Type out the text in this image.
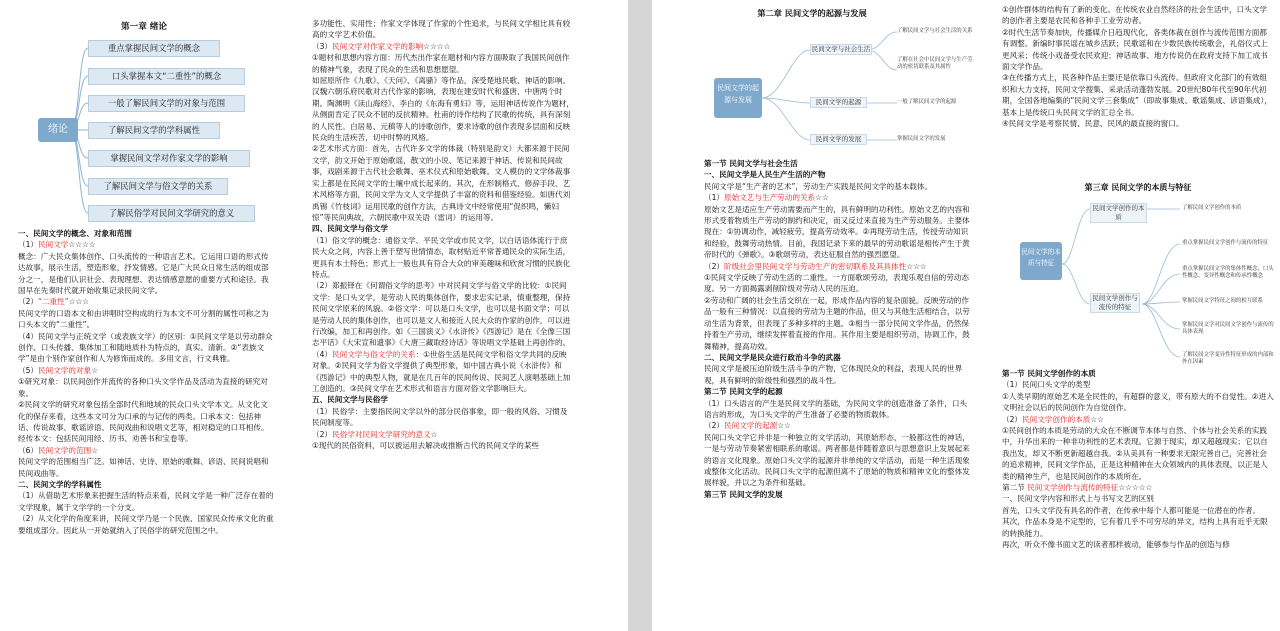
第一章 绪论
绪论
重点掌握民间文学的概念
口头掌握本文“二重性”的概念
一般了解民间文学的对象与范围
了解民间文学的学科属性
掌握民间文学对作家文学的影响
了解民间文学与俗文学的关系
了解民俗学对民间文学研究的意义

一、民间文学的概念、对象和范围

（1）民间文学☆☆☆☆

概念：广大民众集体创作、口头流传的一种语言艺术。它运用口语的形式传达故事，展示生活，塑造形象，抒发情感。它是广大民众日常生活的组成部分之一，是他们认识社会、表现理想、表达情感意愿的重要方式和途径。我国早在先秦时代就开始收集记录民间文学。

（2）“二重性”☆☆☆

民间文学的口语本文和由讲唱时空构成的行为本文不可分割的属性可称之为口头本文的“二重性”。

（4）民间文学与正统文学（或表族文学）的区别：①民间文学是以劳动群众创作、口头传播、集体加工和随地质朴为特点的，真实、清新。②“表族文学”是由个别作家创作和人为修饰而成的。多用文言，行文典雅。

（5）民间文学的对象☆

①研究对象：以民间创作并流传的各种口头文学作品及活动为直接的研究对象。

②民间文学的研究对象包括全部时代和地域的民众口头文学本文。从文化文化的保存来看，这些本文可分为口承的与记传的两类。口承本文：包括神话、传说故事、歌谣谚语、民间戏曲和说唱文艺等，相对稳定的口耳相传。经传本文：包括民间用经、历书、劝善书和宝卷等。

（6）民间文学的范围☆

民间文学的范围相当广泛。如神话、史诗、原始的歌舞、谚语、民间说唱和民间戏曲等。

二、民间文学的学科属性

（1）从借助艺术形象来把握生活的特点来看，民间文学是一种广泛存在着的文学现象，属于文学学的一个分支。

（2）从文化学的角度来讲，民间文学乃是一个民族、国家民众传承文化的重要组成部分。因此从一开始就纳入了民俗学的研究范围之中。

多功能性、实用性；作家文学体现了作家的个性追求，与民间文学相比具有较高的文学艺术价值。

（3）民间文学对作家文学的影响☆☆☆☆

①题材和思想内容方面：历代杰出作家在题材和内容方面吸取了我国民间创作的精神气象，表现了民众的生活和思想愿望。

如屈原所作《九歌》、《天问》、《离骚》等作品，深受楚地民歌、神话的影响。汉魏六朝乐府民歌对古代作家的影响，表现在建安时代和盛唐、中唐两个时期。陶渊明《读山海经》、李白的《东海有勇妇》等，运用神话传说作为题材，从侧面肯定了民众不屈的反抗精神。杜甫的诗作结构了民歌的传统，具有深刻的人民性。白居易、元稹等人的诗歌创作，要求诗歌的创作表现多层面和反映民众的生活疾苦，切中时弊的风格。

②艺术形式方面：首先，古代许多文学的体裁（特别是韵文）大都来源于民间文学，韵文开始于原始歌谣，散文的小说、笔记来源于神话、传说和民间故事，戏剧来源于古代社会歌舞、巫术仪式和原始歌舞。文人模仿的文学体裁事实上都是在民间文学的土壤中成长起来的。其次，在形制格式、修辞手段、艺术风格等方面，民间文学为文人文学提供了丰富的资料和借鉴经验。如唐代刘禹锡《竹枝词》运用民歌的创作方法，古典诗文中经常使用“促织鸣，懒妇惊”等民间典故，六朝民歌中双关语（雷词）的运用等。

四、民间文学与俗文学

（1）俗文学的概念：通俗文学、平民文学或市民文学，以白话语体流行于庶民大众之间，内容上善于塑写世情情态，取材贴近平常普通民众的实际生活，更具有本土特色；形式上一般也具有符合大众的审美趣味和欣赏习惯的民族化特点。

（2）郑振铎在《何谓俗文学的思考》中对民间文学与俗文学的比较：①民间文学：是口头文学，是劳动人民的集体创作，要求忠实记录，慎重整理，保持民间文学原来的风貌。②俗文学：可以是口头文学，也可以是书面文学；可以是劳动人民的集体创作，也可以是文人和接近人民大众的作家的创作，可以进行改编，加工和再创作。如《三国演义》《水浒传》《西游记》是在《全像三国志平话》《大宋宣和遗事》《大唐三藏取经诗话》等说唱文学基础上再创作的。

（4）民间文学与俗文学的关系：①世俗生活是民间文学和俗文学共同的反映对象。②民间文学为俗文学提供了典型形象，如中国古典小说《水浒传》和《西游记》中的典型人物，就是在几百年的民间传说、民间艺人演唱基础上加工创造的。③民间文学在艺术形式和语言方面对俗文学影响巨大。

五、民间文学与民俗学

（1）民俗学：主要指民间文学以外的部分民俗事象，即一般的风俗、习惯及民间制度等。

（2）民俗学对民间文学研究的意义☆

①现代的民俗资料，可以被运用去解决或推断古代的民间文学的某些

第二章 民间文学的起源与发展
民间文学的起源与发展
民间文学与社会生活
民间文学的起源
民间文学的发展
了解民间文学与社会生活的关系
了解在社会中民间文学与生产劳动的密切联系及其属性
一般了解民间文学的起源
掌握民间文学的发展

第一节 民间文学与社会生活

一、民间文学是人民生产生活的产物

民间文学是“生产者的艺术”，劳动生产实践是民间文学的基本载体。

（1）原始文艺与生产劳动的关系☆☆

原始文艺是适应生产劳动需要而产生的，具有鲜明的功利性。原始文艺的内容和形式受着物质生产劳动的制约和决定，而又反过来直接为生产劳动服务。主要体现在：①协调动作，减轻疲劳，提高劳动效率。②再现劳动生活，传授劳动知识和经验，鼓舞劳动热情。目前，我国记录下来的最早的劳动歌谣是相传产生于黄帝时代的《弹歌》。③歌颂劳动，表达征服自然的强烈愿望。

（2）阶级社会里民间文学与劳动生产的密切联系及其具体性☆☆☆

①民间文学反映了劳动生活的二重性。一方面歌颂劳动，表现乐观自信的劳动态度。另一方面揭露剥削阶级对劳动人民的压迫。

②劳动和广阔的社会生活交织在一起，形成作品内容的复杂面貌。反映劳动的作品一般有三种情况：以直接的劳动为主题的作品，但又与其他生活相结合，以劳动生活为背景，但表现了多种多样的主题。③相当一部分民间文学作品，仍然保持着生产劳动，继续发挥着直接的作用。其作用主要是组织劳动，协调工作，鼓舞精神，提高功效。

二、民间文学是民众进行政治斗争的武器

民间文学是被压迫阶级生活斗争的产物，它体现民众的利益，表现人民的世界观，具有鲜明的阶级性和强烈的战斗性。

第二节 民间文学的起源

（1）口头语言的产生是民间文学的基础，为民间文学的创造准备了条件，口头语言的形成，为口头文学的产生准备了必要的物质载体。

（2）民间文学的起源☆☆

民间口头文学它并非是一种独立的文学活动，其原始形态，一般都这性的神话，一是与劳动节奏紧密相联系的歌谣。两者都是伴随着意识与思想意识上发展起来的语言文化现象。原始口头文学的起源并非单纯的文学活动，而是一种生活现象或整体文化活动。民间口头文学的起源但离不了原始的物质和精神文化的整体发展样貌，并以之为条件和基础。

第三节 民间文学的发展

①创作群体的结构有了新的变化。在传统农业自然经济的社会生活中，口头文学的创作者主要是农民和各种手工业劳动者。

②时代生活节奏加快，传播媒介日趋现代化，各类体裁在创作与流传范围方面都有调整。新编时事民谣在城乡活跃；民歌谣和在少数民族传统歌会，礼俗仪式上更风采；传统小戏备受农民欢迎；神话故事、地方传说仍在政府支持下加工成书面文学作品。

③在传播方式上，民各种作品主要还是依靠口头流传。但政府文化部门的有效组织和大力支持，民间文学搜集、采录活动蓬勃发展。20世纪80年代至90年代初期，全国各地编集的“民间文学三套集成”（即故事集成、歌谣集成、谚语集成），基本上是传统口头民间文学的汇总全书。

④民间文学是考察民情、民意、民风的最直接的窗口。

第三章 民间文学的本质与特征
民间文学的本质与特征
民间文学创作的本质
民间文学创作与流传的特征
了解民间文学创作的本质
重点掌握民间文学创作与流传的特征
重点掌握民间文学的集体性概念，口头性概念，变异性概念和传承性概念
掌握民间文学特征之间的相互联系
掌握民间文学对民间文学创作与流传的具体表现
了解民间文学变异性特征形成的内部和外在因素

第一节 民间文学创作的本质

（1）民间口头文学的类型

①人类早期的原始艺术是全民性的，有超群的意义，带有原大的不自觉性。②进入文明社会以后的民间创作为自觉创作。

（2）民间文学创作的本质☆☆

①民间创作的本质是劳动的大众在不断调节本体与自然、个体与社会关系的实践中，升华出来的一种非功利性的艺术表现。它源于现实，却又超越现实；它以自我出发，却又不断更新超越自我。②从美具有一种要求无限完善自己，完善社会的追求精神，民间文学作品，正是这种精神在大众领域内的具体表现，以正是人类的精神生产，也是民间创作的本质所在。

第二节 民间文学创作与流传的特征☆☆☆☆☆

一、民间文学内容和形式上与书写文艺的区别

首先，口头文学没有具名的作者，在传承中每个人都可能是一位潜在的作者。

其次，作品本身是不定型的，它有着几乎不可穷尽的异文，结构上具有近乎无限的转换能力。

再次，听众不像书面文艺的读者那样被动，能够参与作品的创造与修
